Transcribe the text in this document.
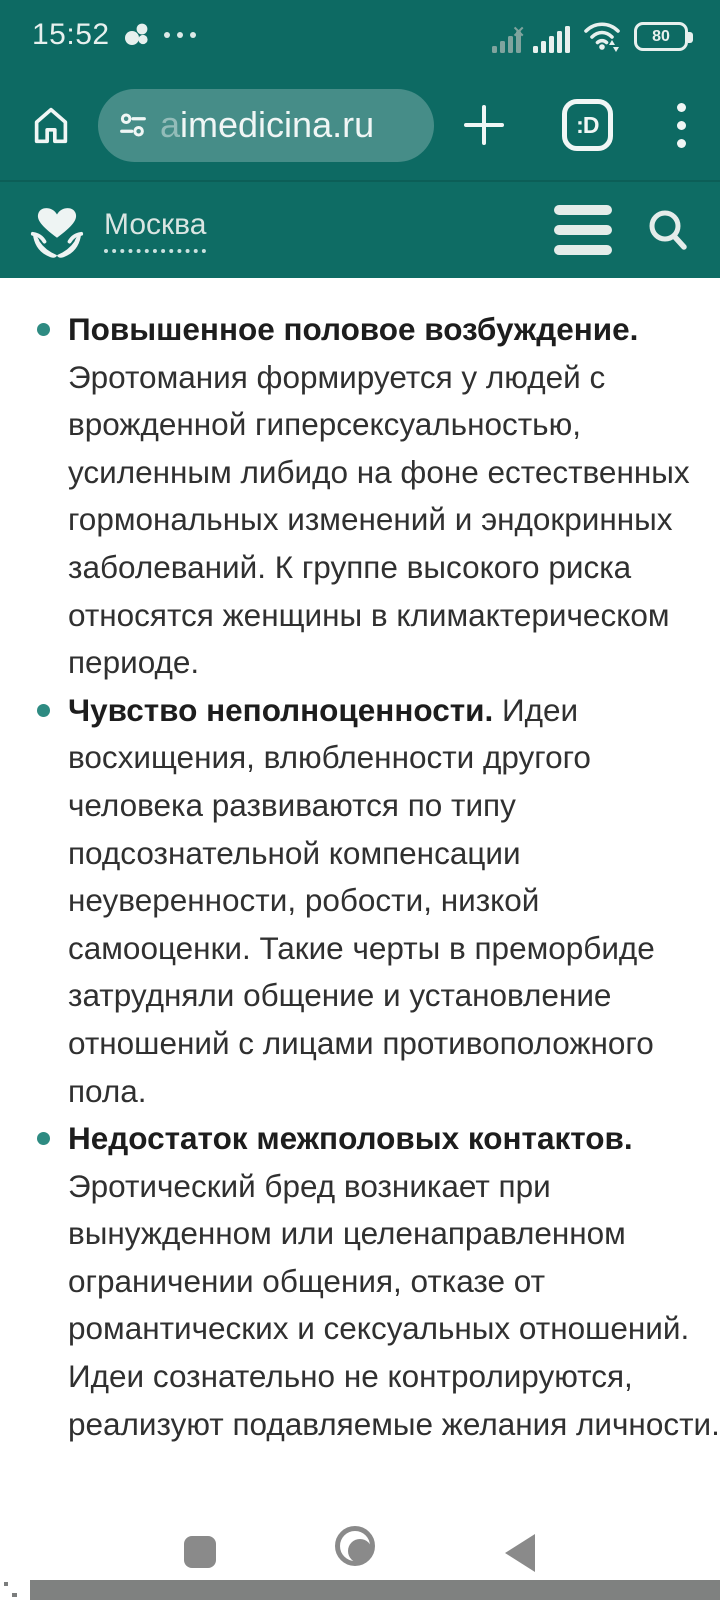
15:52	✕	80
aimedicina.ru	:D
Москва
Повышенное половое возбуждение.
Эротомания формируется у людей с
врожденной гиперсексуальностью,
усиленным либидо на фоне естественных
гормональных изменений и эндокринных
заболеваний. К группе высокого риска
относятся женщины в климактерическом
периоде.
Чувство неполноценности. Идеи
восхищения, влюбленности другого
человека развиваются по типу
подсознательной компенсации
неуверенности, робости, низкой
самооценки. Такие черты в преморбиде
затрудняли общение и установление
отношений с лицами противоположного
пола.
Недостаток межполовых контактов.
Эротический бред возникает при
вынужденном или целенаправленном
ограничении общения, отказе от
романтических и сексуальных отношений.
Идеи сознательно не контролируются,
реализуют подавляемые желания личности.
